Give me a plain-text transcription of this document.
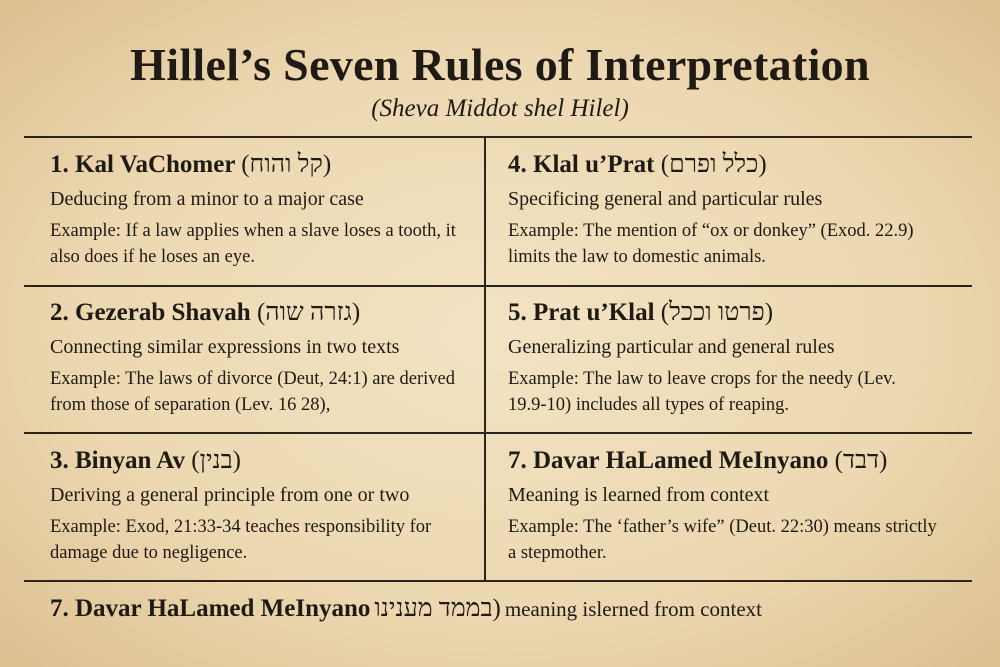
Hillel’s Seven Rules of Interpretation
(Sheva Middot shel Hilel)
1. Kal VaChomer (קל והוח)
Deducing from a minor to a major case
Example: If a law applies when a slave loses a tooth, it also does if he loses an eye.
4. Klal u’Prat (כלל ופרם)
Specificing general and particular rules
Example: The mention of “ox or donkey” (Exod. 22.9) limits the law to domestic animals.
2. Gezerab Shavah (גזרה שוה)
Connecting similar expressions in two texts
Example: The laws of divorce (Deut, 24:1) are derived from those of separation (Lev. 16 28),
5. Prat u’Klal (פרטו וככל)
Generalizing particular and general rules
Example: The law to leave crops for the needy (Lev. 19.9-10) includes all types of reaping.
3. Binyan Av (בנין)
Deriving a general principle from one or two
Example: Exod, 21:33-34 teaches responsibility for damage due to negligence.
7. Davar HaLamed MeInyano (דבד)
Meaning is learned from context
Example: The ‘father’s wife” (Deut. 22:30) means strictly a stepmother.
7. Davar HaLamed MeInyano (בממד מענינו meaning islerned from context
